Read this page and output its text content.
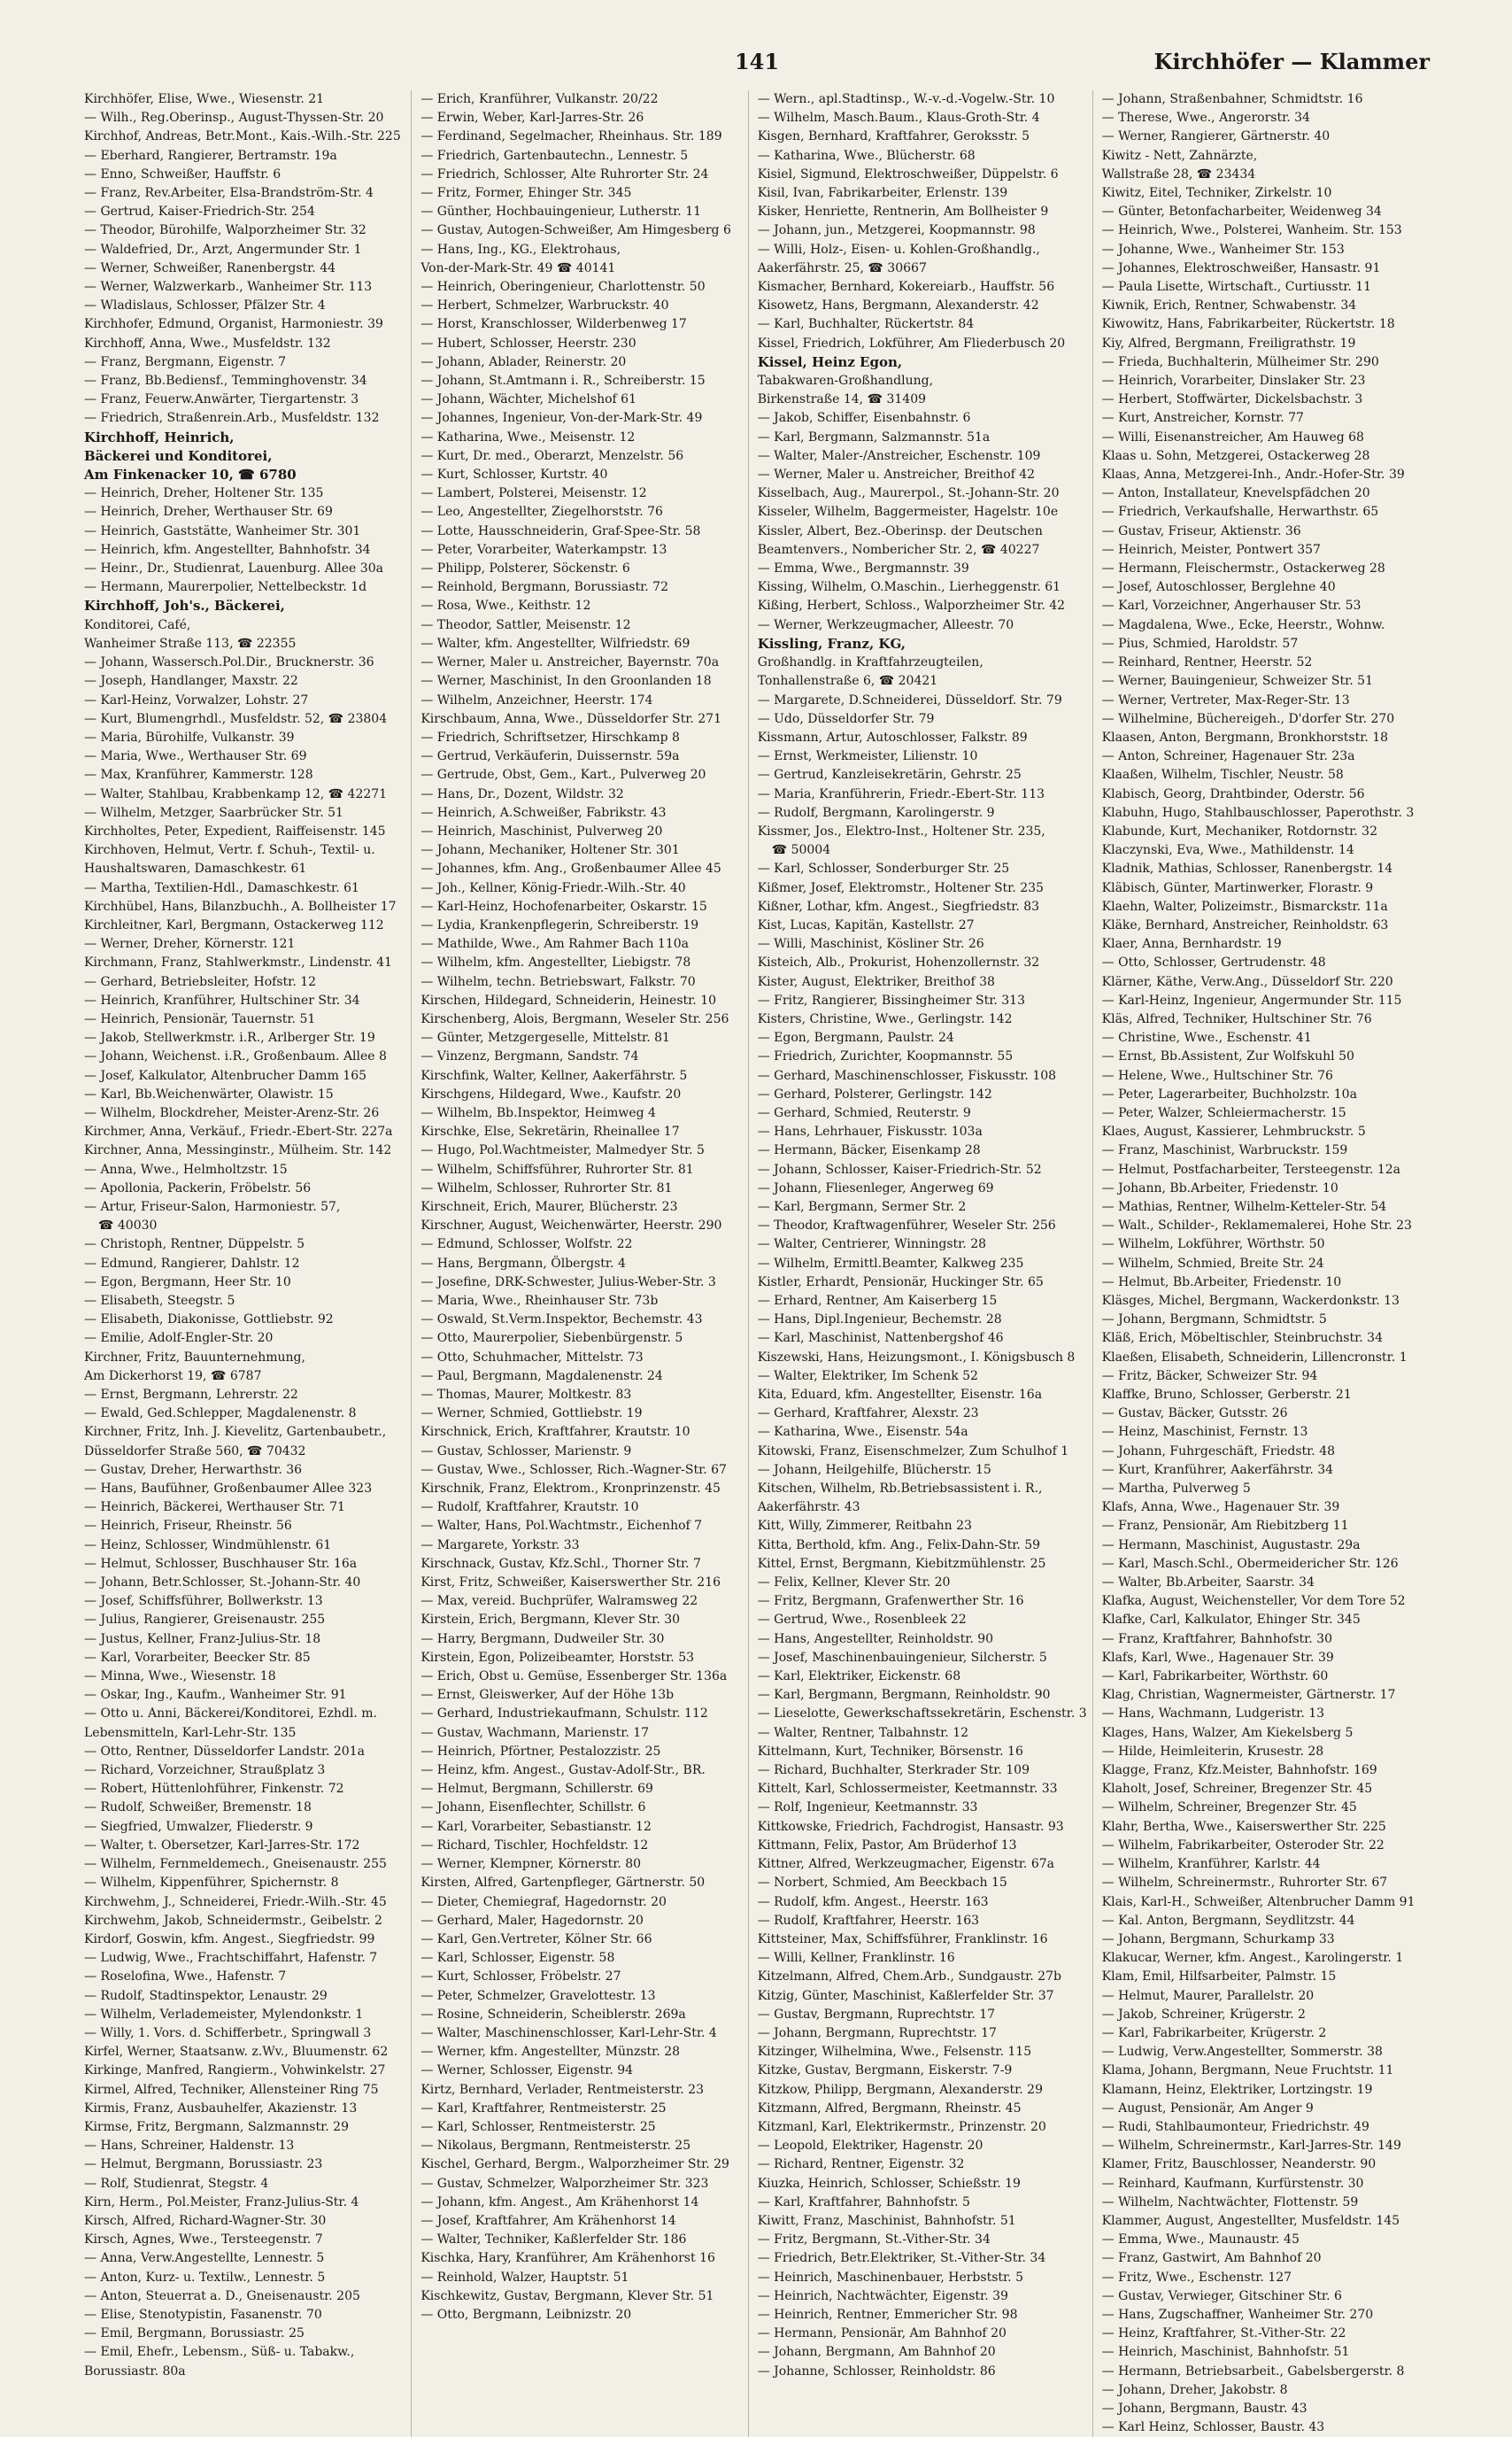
141	Kirchhöfer — Klammer
Kirchhöfer, Elise, Wwe., Wiesenstr. 21
— Wilh., Reg.Oberinsp., August-Thyssen-Str. 20
Kirchhof, Andreas, Betr.Mont., Kais.-Wilh.-Str. 225
— Eberhard, Rangierer, Bertramstr. 19a
— Enno, Schweißer, Hauffstr. 6
— Franz, Rev.Arbeiter, Elsa-Brandström-Str. 4
— Gertrud, Kaiser-Friedrich-Str. 254
— Theodor, Bürohilfe, Walporzheimer Str. 32
— Waldefried, Dr., Arzt, Angermunder Str. 1
— Werner, Schweißer, Ranenbergstr. 44
— Werner, Walzwerkarb., Wanheimer Str. 113
— Wladislaus, Schlosser, Pfälzer Str. 4
Kirchhofer, Edmund, Organist, Harmoniestr. 39
Kirchhoff, Anna, Wwe., Musfeldstr. 132
— Franz, Bergmann, Eigenstr. 7
— Franz, Bb.Bediensf., Temminghovenstr. 34
— Franz, Feuerw.Anwärter, Tiergartenstr. 3
— Friedrich, Straßenrein.Arb., Musfeldstr. 132
Kirchhoff, Heinrich,
Bäckerei und Konditorei,
Am Finkenacker 10, ☎ 6780
— Heinrich, Dreher, Holtener Str. 135
— Heinrich, Dreher, Werthauser Str. 69
— Heinrich, Gaststätte, Wanheimer Str. 301
— Heinrich, kfm. Angestellter, Bahnhofstr. 34
— Heinr., Dr., Studienrat, Lauenburg. Allee 30a
— Hermann, Maurerpolier, Nettelbeckstr. 1d
Kirchhoff, Joh's., Bäckerei,
Konditorei, Café,
Wanheimer Straße 113, ☎ 22355
— Johann, Wassersch.Pol.Dir., Brucknerstr. 36
— Joseph, Handlanger, Maxstr. 22
— Karl-Heinz, Vorwalzer, Lohstr. 27
— Kurt, Blumengrhdl., Musfeldstr. 52, ☎ 23804
— Maria, Bürohilfe, Vulkanstr. 39
— Maria, Wwe., Werthauser Str. 69
— Max, Kranführer, Kammerstr. 128
— Walter, Stahlbau, Krabbenkamp 12, ☎ 42271
— Wilhelm, Metzger, Saarbrücker Str. 51
Kirchholtes, Peter, Expedient, Raiffeisenstr. 145
Kirchhoven, Helmut, Vertr. f. Schuh-, Textil- u.
Haushaltswaren, Damaschkestr. 61
— Martha, Textilien-Hdl., Damaschkestr. 61
Kirchhübel, Hans, Bilanzbuchh., A. Bollheister 17
Kirchleitner, Karl, Bergmann, Ostackerweg 112
— Werner, Dreher, Körnerstr. 121
Kirchmann, Franz, Stahlwerkmstr., Lindenstr. 41
— Gerhard, Betriebsleiter, Hofstr. 12
— Heinrich, Kranführer, Hultschiner Str. 34
— Heinrich, Pensionär, Tauernstr. 51
— Jakob, Stellwerkmstr. i.R., Arlberger Str. 19
— Johann, Weichenst. i.R., Großenbaum. Allee 8
— Josef, Kalkulator, Altenbrucher Damm 165
— Karl, Bb.Weichenwärter, Olawistr. 15
— Wilhelm, Blockdreher, Meister-Arenz-Str. 26
Kirchmer, Anna, Verkäuf., Friedr.-Ebert-Str. 227a
Kirchner, Anna, Messinginstr., Mülheim. Str. 142
— Anna, Wwe., Helmholtzstr. 15
— Apollonia, Packerin, Fröbelstr. 56
— Artur, Friseur-Salon, Harmoniestr. 57,
☎ 40030
— Christoph, Rentner, Düppelstr. 5
— Edmund, Rangierer, Dahlstr. 12
— Egon, Bergmann, Heer Str. 10
— Elisabeth, Steegstr. 5
— Elisabeth, Diakonisse, Gottliebstr. 92
— Emilie, Adolf-Engler-Str. 20
Kirchner, Fritz, Bauunternehmung,
Am Dickerhorst 19, ☎ 6787
— Ernst, Bergmann, Lehrerstr. 22
— Ewald, Ged.Schlepper, Magdalenenstr. 8
Kirchner, Fritz, Inh. J. Kievelitz, Gartenbaubetr.,
Düsseldorfer Straße 560, ☎ 70432
— Gustav, Dreher, Herwarthstr. 36
— Hans, Baufühner, Großenbaumer Allee 323
— Heinrich, Bäckerei, Werthauser Str. 71
— Heinrich, Friseur, Rheinstr. 56
— Heinz, Schlosser, Windmühlenstr. 61
— Helmut, Schlosser, Buschhauser Str. 16a
— Johann, Betr.Schlosser, St.-Johann-Str. 40
— Josef, Schiffsführer, Bollwerkstr. 13
— Julius, Rangierer, Greisenaustr. 255
— Justus, Kellner, Franz-Julius-Str. 18
— Karl, Vorarbeiter, Beecker Str. 85
— Minna, Wwe., Wiesenstr. 18
— Oskar, Ing., Kaufm., Wanheimer Str. 91
— Otto u. Anni, Bäckerei/Konditorei, Ezhdl. m.
Lebensmitteln, Karl-Lehr-Str. 135
— Otto, Rentner, Düsseldorfer Landstr. 201a
— Richard, Vorzeichner, Straußplatz 3
— Robert, Hüttenlohführer, Finkenstr. 72
— Rudolf, Schweißer, Bremenstr. 18
— Siegfried, Umwalzer, Fliederstr. 9
— Walter, t. Obersetzer, Karl-Jarres-Str. 172
— Wilhelm, Fernmeldemech., Gneisenaustr. 255
— Wilhelm, Kippenführer, Spichernstr. 8
Kirchwehm, J., Schneiderei, Friedr.-Wilh.-Str. 45
Kirchwehm, Jakob, Schneidermstr., Geibelstr. 2
Kirdorf, Goswin, kfm. Angest., Siegfriedstr. 99
— Ludwig, Wwe., Frachtschiffahrt, Hafenstr. 7
— Roselofina, Wwe., Hafenstr. 7
— Rudolf, Stadtinspektor, Lenaustr. 29
— Wilhelm, Verlademeister, Mylendonkstr. 1
— Willy, 1. Vors. d. Schifferbetr., Springwall 3
Kirfel, Werner, Staatsanw. z.Wv., Bluumenstr. 62
Kirkinge, Manfred, Rangierm., Vohwinkelstr. 27
Kirmel, Alfred, Techniker, Allensteiner Ring 75
Kirmis, Franz, Ausbauhelfer, Akazienstr. 13
Kirmse, Fritz, Bergmann, Salzmannstr. 29
— Hans, Schreiner, Haldenstr. 13
— Helmut, Bergmann, Borussiastr. 23
— Rolf, Studienrat, Stegstr. 4
Kirn, Herm., Pol.Meister, Franz-Julius-Str. 4
Kirsch, Alfred, Richard-Wagner-Str. 30
Kirsch, Agnes, Wwe., Tersteegenstr. 7
— Anna, Verw.Angestellte, Lennestr. 5
— Anton, Kurz- u. Textilw., Lennestr. 5
— Anton, Steuerrat a. D., Gneisenaustr. 205
— Elise, Stenotypistin, Fasanenstr. 70
— Emil, Bergmann, Borussiastr. 25
— Emil, Ehefr., Lebensm., Süß- u. Tabakw.,
Borussiastr. 80a
— Erich, Kranführer, Vulkanstr. 20/22
— Erwin, Weber, Karl-Jarres-Str. 26
— Ferdinand, Segelmacher, Rheinhaus. Str. 189
— Friedrich, Gartenbautechn., Lennestr. 5
— Friedrich, Schlosser, Alte Ruhrorter Str. 24
— Fritz, Former, Ehinger Str. 345
— Günther, Hochbauingenieur, Lutherstr. 11
— Gustav, Autogen-Schweißer, Am Himgesberg 6
— Hans, Ing., KG., Elektrohaus,
Von-der-Mark-Str. 49 ☎ 40141
— Heinrich, Oberingenieur, Charlottenstr. 50
— Herbert, Schmelzer, Warbruckstr. 40
— Horst, Kranschlosser, Wilderbenweg 17
— Hubert, Schlosser, Heerstr. 230
— Johann, Ablader, Reinerstr. 20
— Johann, St.Amtmann i. R., Schreiberstr. 15
— Johann, Wächter, Michelshof 61
— Johannes, Ingenieur, Von-der-Mark-Str. 49
— Katharina, Wwe., Meisenstr. 12
— Kurt, Dr. med., Oberarzt, Menzelstr. 56
— Kurt, Schlosser, Kurtstr. 40
— Lambert, Polsterei, Meisenstr. 12
— Leo, Angestellter, Ziegelhorststr. 76
— Lotte, Hausschneiderin, Graf-Spee-Str. 58
— Peter, Vorarbeiter, Waterkampstr. 13
— Philipp, Polsterer, Söckenstr. 6
— Reinhold, Bergmann, Borussiastr. 72
— Rosa, Wwe., Keithstr. 12
— Theodor, Sattler, Meisenstr. 12
— Walter, kfm. Angestellter, Wilfriedstr. 69
— Werner, Maler u. Anstreicher, Bayernstr. 70a
— Werner, Maschinist, In den Groonlanden 18
— Wilhelm, Anzeichner, Heerstr. 174
Kirschbaum, Anna, Wwe., Düsseldorfer Str. 271
— Friedrich, Schriftsetzer, Hirschkamp 8
— Gertrud, Verkäuferin, Duissernstr. 59a
— Gertrude, Obst, Gem., Kart., Pulverweg 20
— Hans, Dr., Dozent, Wildstr. 32
— Heinrich, A.Schweißer, Fabrikstr. 43
— Heinrich, Maschinist, Pulverweg 20
— Johann, Mechaniker, Holtener Str. 301
— Johannes, kfm. Ang., Großenbaumer Allee 45
— Joh., Kellner, König-Friedr.-Wilh.-Str. 40
— Karl-Heinz, Hochofenarbeiter, Oskarstr. 15
— Lydia, Krankenpflegerin, Schreiberstr. 19
— Mathilde, Wwe., Am Rahmer Bach 110a
— Wilhelm, kfm. Angestellter, Liebigstr. 78
— Wilhelm, techn. Betriebswart, Falkstr. 70
Kirschen, Hildegard, Schneiderin, Heinestr. 10
Kirschenberg, Alois, Bergmann, Weseler Str. 256
— Günter, Metzgergeselle, Mittelstr. 81
— Vinzenz, Bergmann, Sandstr. 74
Kirschfink, Walter, Kellner, Aakerfährstr. 5
Kirschgens, Hildegard, Wwe., Kaufstr. 20
— Wilhelm, Bb.Inspektor, Heimweg 4
Kirschke, Else, Sekretärin, Rheinallee 17
— Hugo, Pol.Wachtmeister, Malmedyer Str. 5
— Wilhelm, Schiffsführer, Ruhrorter Str. 81
— Wilhelm, Schlosser, Ruhrorter Str. 81
Kirschneit, Erich, Maurer, Blücherstr. 23
Kirschner, August, Weichenwärter, Heerstr. 290
— Edmund, Schlosser, Wolfstr. 22
— Hans, Bergmann, Ölbergstr. 4
— Josefine, DRK-Schwester, Julius-Weber-Str. 3
— Maria, Wwe., Rheinhauser Str. 73b
— Oswald, St.Verm.Inspektor, Bechemstr. 43
— Otto, Maurerpolier, Siebenbürgenstr. 5
— Otto, Schuhmacher, Mittelstr. 73
— Paul, Bergmann, Magdalenenstr. 24
— Thomas, Maurer, Moltkestr. 83
— Werner, Schmied, Gottliebstr. 19
Kirschnick, Erich, Kraftfahrer, Krautstr. 10
— Gustav, Schlosser, Marienstr. 9
— Gustav, Wwe., Schlosser, Rich.-Wagner-Str. 67
Kirschnik, Franz, Elektrom., Kronprinzenstr. 45
— Rudolf, Kraftfahrer, Krautstr. 10
— Walter, Hans, Pol.Wachtmstr., Eichenhof 7
— Margarete, Yorkstr. 33
Kirschnack, Gustav, Kfz.Schl., Thorner Str. 7
Kirst, Fritz, Schweißer, Kaiserswerther Str. 216
— Max, vereid. Buchprüfer, Walramsweg 22
Kirstein, Erich, Bergmann, Klever Str. 30
— Harry, Bergmann, Dudweiler Str. 30
Kirstein, Egon, Polizeibeamter, Horststr. 53
— Erich, Obst u. Gemüse, Essenberger Str. 136a
— Ernst, Gleiswerker, Auf der Höhe 13b
— Gerhard, Industriekaufmann, Schulstr. 112
— Gustav, Wachmann, Marienstr. 17
— Heinrich, Pförtner, Pestalozzistr. 25
— Heinz, kfm. Angest., Gustav-Adolf-Str., BR.
— Helmut, Bergmann, Schillerstr. 69
— Johann, Eisenflechter, Schillstr. 6
— Karl, Vorarbeiter, Sebastianstr. 12
— Richard, Tischler, Hochfeldstr. 12
— Werner, Klempner, Körnerstr. 80
Kirsten, Alfred, Gartenpfleger, Gärtnerstr. 50
— Dieter, Chemiegraf, Hagedornstr. 20
— Gerhard, Maler, Hagedornstr. 20
— Karl, Gen.Vertreter, Kölner Str. 66
— Karl, Schlosser, Eigenstr. 58
— Kurt, Schlosser, Fröbelstr. 27
— Peter, Schmelzer, Gravelottestr. 13
— Rosine, Schneiderin, Scheiblerstr. 269a
— Walter, Maschinenschlosser, Karl-Lehr-Str. 4
— Werner, kfm. Angestellter, Münzstr. 28
— Werner, Schlosser, Eigenstr. 94
Kirtz, Bernhard, Verlader, Rentmeisterstr. 23
— Karl, Kraftfahrer, Rentmeisterstr. 25
— Karl, Schlosser, Rentmeisterstr. 25
— Nikolaus, Bergmann, Rentmeisterstr. 25
Kischel, Gerhard, Bergm., Walporzheimer Str. 29
— Gustav, Schmelzer, Walporzheimer Str. 323
— Johann, kfm. Angest., Am Krähenhorst 14
— Josef, Kraftfahrer, Am Krähenhorst 14
— Walter, Techniker, Kaßlerfelder Str. 186
Kischka, Hary, Kranführer, Am Krähenhorst 16
— Reinhold, Walzer, Hauptstr. 51
Kischkewitz, Gustav, Bergmann, Klever Str. 51
— Otto, Bergmann, Leibnizstr. 20
— Wern., apl.Stadtinsp., W.-v.-d.-Vogelw.-Str. 10
— Wilhelm, Masch.Baum., Klaus-Groth-Str. 4
Kisgen, Bernhard, Kraftfahrer, Geroksstr. 5
— Katharina, Wwe., Blücherstr. 68
Kisiel, Sigmund, Elektroschweißer, Düppelstr. 6
Kisil, Ivan, Fabrikarbeiter, Erlenstr. 139
Kisker, Henriette, Rentnerin, Am Bollheister 9
— Johann, jun., Metzgerei, Koopmannstr. 98
— Willi, Holz-, Eisen- u. Kohlen-Großhandlg.,
Aakerfährstr. 25, ☎ 30667
Kismacher, Bernhard, Kokereiarb., Hauffstr. 56
Kisowetz, Hans, Bergmann, Alexanderstr. 42
— Karl, Buchhalter, Rückertstr. 84
Kissel, Friedrich, Lokführer, Am Fliederbusch 20
Kissel, Heinz Egon,
Tabakwaren-Großhandlung,
Birkenstraße 14, ☎ 31409
— Jakob, Schiffer, Eisenbahnstr. 6
— Karl, Bergmann, Salzmannstr. 51a
— Walter, Maler-/Anstreicher, Eschenstr. 109
— Werner, Maler u. Anstreicher, Breithof 42
Kisselbach, Aug., Maurerpol., St.-Johann-Str. 20
Kisseler, Wilhelm, Baggermeister, Hagelstr. 10e
Kissler, Albert, Bez.-Oberinsp. der Deutschen
Beamtenvers., Nombericher Str. 2, ☎ 40227
— Emma, Wwe., Bergmannstr. 39
Kissing, Wilhelm, O.Maschin., Lierheggenstr. 61
Kißing, Herbert, Schloss., Walporzheimer Str. 42
— Werner, Werkzeugmacher, Alleestr. 70
Kissling, Franz, KG,
Großhandlg. in Kraftfahrzeugteilen,
Tonhallenstraße 6, ☎ 20421
— Margarete, D.Schneiderei, Düsseldorf. Str. 79
— Udo, Düsseldorfer Str. 79
Kissmann, Artur, Autoschlosser, Falkstr. 89
— Ernst, Werkmeister, Lilienstr. 10
— Gertrud, Kanzleisekretärin, Gehrstr. 25
— Maria, Kranführerin, Friedr.-Ebert-Str. 113
— Rudolf, Bergmann, Karolingerstr. 9
Kissmer, Jos., Elektro-Inst., Holtener Str. 235,
☎ 50004
— Karl, Schlosser, Sonderburger Str. 25
Kißmer, Josef, Elektromstr., Holtener Str. 235
Kißner, Lothar, kfm. Angest., Siegfriedstr. 83
Kist, Lucas, Kapitän, Kastellstr. 27
— Willi, Maschinist, Kösliner Str. 26
Kisteich, Alb., Prokurist, Hohenzollernstr. 32
Kister, August, Elektriker, Breithof 38
— Fritz, Rangierer, Bissingheimer Str. 313
Kisters, Christine, Wwe., Gerlingstr. 142
— Egon, Bergmann, Paulstr. 24
— Friedrich, Zurichter, Koopmannstr. 55
— Gerhard, Maschinenschlosser, Fiskusstr. 108
— Gerhard, Polsterer, Gerlingstr. 142
— Gerhard, Schmied, Reuterstr. 9
— Hans, Lehrhauer, Fiskusstr. 103a
— Hermann, Bäcker, Eisenkamp 28
— Johann, Schlosser, Kaiser-Friedrich-Str. 52
— Johann, Fliesenleger, Angerweg 69
— Karl, Bergmann, Sermer Str. 2
— Theodor, Kraftwagenführer, Weseler Str. 256
— Walter, Centrierer, Winningstr. 28
— Wilhelm, Ermittl.Beamter, Kalkweg 235
Kistler, Erhardt, Pensionär, Huckinger Str. 65
— Erhard, Rentner, Am Kaiserberg 15
— Hans, Dipl.Ingenieur, Bechemstr. 28
— Karl, Maschinist, Nattenbergshof 46
Kiszewski, Hans, Heizungsmont., I. Königsbusch 8
— Walter, Elektriker, Im Schenk 52
Kita, Eduard, kfm. Angestellter, Eisenstr. 16a
— Gerhard, Kraftfahrer, Alexstr. 23
— Katharina, Wwe., Eisenstr. 54a
Kitowski, Franz, Eisenschmelzer, Zum Schulhof 1
— Johann, Heilgehilfe, Blücherstr. 15
Kitschen, Wilhelm, Rb.Betriebsassistent i. R.,
Aakerfährstr. 43
Kitt, Willy, Zimmerer, Reitbahn 23
Kitta, Berthold, kfm. Ang., Felix-Dahn-Str. 59
Kittel, Ernst, Bergmann, Kiebitzmühlenstr. 25
— Felix, Kellner, Klever Str. 20
— Fritz, Bergmann, Grafenwerther Str. 16
— Gertrud, Wwe., Rosenbleek 22
— Hans, Angestellter, Reinholdstr. 90
— Josef, Maschinenbauingenieur, Silcherstr. 5
— Karl, Elektriker, Eickenstr. 68
— Karl, Bergmann, Bergmann, Reinholdstr. 90
— Lieselotte, Gewerkschaftssekretärin, Eschenstr. 3
— Walter, Rentner, Talbahnstr. 12
Kittelmann, Kurt, Techniker, Börsenstr. 16
— Richard, Buchhalter, Sterkrader Str. 109
Kittelt, Karl, Schlossermeister, Keetmannstr. 33
— Rolf, Ingenieur, Keetmannstr. 33
Kittkowske, Friedrich, Fachdrogist, Hansastr. 93
Kittmann, Felix, Pastor, Am Brüderhof 13
Kittner, Alfred, Werkzeugmacher, Eigenstr. 67a
— Norbert, Schmied, Am Beeckbach 15
— Rudolf, kfm. Angest., Heerstr. 163
— Rudolf, Kraftfahrer, Heerstr. 163
Kittsteiner, Max, Schiffsführer, Franklinstr. 16
— Willi, Kellner, Franklinstr. 16
Kitzelmann, Alfred, Chem.Arb., Sundgaustr. 27b
Kitzig, Günter, Maschinist, Kaßlerfelder Str. 37
— Gustav, Bergmann, Ruprechtstr. 17
— Johann, Bergmann, Ruprechtstr. 17
Kitzinger, Wilhelmina, Wwe., Felsenstr. 115
Kitzke, Gustav, Bergmann, Eiskerstr. 7-9
Kitzkow, Philipp, Bergmann, Alexanderstr. 29
Kitzmann, Alfred, Bergmann, Rheinstr. 45
Kitzmanl, Karl, Elektrikermstr., Prinzenstr. 20
— Leopold, Elektriker, Hagenstr. 20
— Richard, Rentner, Eigenstr. 32
Kiuzka, Heinrich, Schlosser, Schießstr. 19
— Karl, Kraftfahrer, Bahnhofstr. 5
Kiwitt, Franz, Maschinist, Bahnhofstr. 51
— Fritz, Bergmann, St.-Vither-Str. 34
— Friedrich, Betr.Elektriker, St.-Vither-Str. 34
— Heinrich, Maschinenbauer, Herbststr. 5
— Heinrich, Nachtwächter, Eigenstr. 39
— Heinrich, Rentner, Emmericher Str. 98
— Hermann, Pensionär, Am Bahnhof 20
— Johann, Bergmann, Am Bahnhof 20
— Johanne, Schlosser, Reinholdstr. 86
— Johann, Straßenbahner, Schmidtstr. 16
— Therese, Wwe., Angerorstr. 34
— Werner, Rangierer, Gärtnerstr. 40
Kiwitz - Nett, Zahnärzte,
Wallstraße 28, ☎ 23434
Kiwitz, Eitel, Techniker, Zirkelstr. 10
— Günter, Betonfacharbeiter, Weidenweg 34
— Heinrich, Wwe., Polsterei, Wanheim. Str. 153
— Johanne, Wwe., Wanheimer Str. 153
— Johannes, Elektroschweißer, Hansastr. 91
— Paula Lisette, Wirtschaft., Curtiusstr. 11
Kiwnik, Erich, Rentner, Schwabenstr. 34
Kiwowitz, Hans, Fabrikarbeiter, Rückertstr. 18
Kiy, Alfred, Bergmann, Freiligrathstr. 19
— Frieda, Buchhalterin, Mülheimer Str. 290
— Heinrich, Vorarbeiter, Dinslaker Str. 23
— Herbert, Stoffwärter, Dickelsbachstr. 3
— Kurt, Anstreicher, Kornstr. 77
— Willi, Eisenanstreicher, Am Hauweg 68
Klaas u. Sohn, Metzgerei, Ostackerweg 28
Klaas, Anna, Metzgerei-Inh., Andr.-Hofer-Str. 39
— Anton, Installateur, Knevelspfädchen 20
— Friedrich, Verkaufshalle, Herwarthstr. 65
— Gustav, Friseur, Aktienstr. 36
— Heinrich, Meister, Pontwert 357
— Hermann, Fleischermstr., Ostackerweg 28
— Josef, Autoschlosser, Berglehne 40
— Karl, Vorzeichner, Angerhauser Str. 53
— Magdalena, Wwe., Ecke, Heerstr., Wohnw.
— Pius, Schmied, Haroldstr. 57
— Reinhard, Rentner, Heerstr. 52
— Werner, Bauingenieur, Schweizer Str. 51
— Werner, Vertreter, Max-Reger-Str. 13
— Wilhelmine, Büchereigeh., D'dorfer Str. 270
Klaasen, Anton, Bergmann, Bronkhorststr. 18
— Anton, Schreiner, Hagenauer Str. 23a
Klaaßen, Wilhelm, Tischler, Neustr. 58
Klabisch, Georg, Drahtbinder, Oderstr. 56
Klabuhn, Hugo, Stahlbauschlosser, Paperothstr. 3
Klabunde, Kurt, Mechaniker, Rotdornstr. 32
Klaczynski, Eva, Wwe., Mathildenstr. 14
Kladnik, Mathias, Schlosser, Ranenbergstr. 14
Kläbisch, Günter, Martinwerker, Florastr. 9
Klaehn, Walter, Polizeimstr., Bismarckstr. 11a
Kläke, Bernhard, Anstreicher, Reinholdstr. 63
Klaer, Anna, Bernhardstr. 19
— Otto, Schlosser, Gertrudenstr. 48
Klärner, Käthe, Verw.Ang., Düsseldorf Str. 220
— Karl-Heinz, Ingenieur, Angermunder Str. 115
Kläs, Alfred, Techniker, Hultschiner Str. 76
— Christine, Wwe., Eschenstr. 41
— Ernst, Bb.Assistent, Zur Wolfskuhl 50
— Helene, Wwe., Hultschiner Str. 76
— Peter, Lagerarbeiter, Buchholzstr. 10a
— Peter, Walzer, Schleiermacherstr. 15
Klaes, August, Kassierer, Lehmbruckstr. 5
— Franz, Maschinist, Warbruckstr. 159
— Helmut, Postfacharbeiter, Tersteegenstr. 12a
— Johann, Bb.Arbeiter, Friedenstr. 10
— Mathias, Rentner, Wilhelm-Ketteler-Str. 54
— Walt., Schilder-, Reklamemalerei, Hohe Str. 23
— Wilhelm, Lokführer, Wörthstr. 50
— Wilhelm, Schmied, Breite Str. 24
— Helmut, Bb.Arbeiter, Friedenstr. 10
Kläsges, Michel, Bergmann, Wackerdonkstr. 13
— Johann, Bergmann, Schmidtstr. 5
Kläß, Erich, Möbeltischler, Steinbruchstr. 34
Klaeßen, Elisabeth, Schneiderin, Lillencronstr. 1
— Fritz, Bäcker, Schweizer Str. 94
Klaffke, Bruno, Schlosser, Gerberstr. 21
— Gustav, Bäcker, Gutsstr. 26
— Heinz, Maschinist, Fernstr. 13
— Johann, Fuhrgeschäft, Friedstr. 48
— Kurt, Kranführer, Aakerfährstr. 34
— Martha, Pulverweg 5
Klafs, Anna, Wwe., Hagenauer Str. 39
— Franz, Pensionär, Am Riebitzberg 11
— Hermann, Maschinist, Augustastr. 29a
— Karl, Masch.Schl., Obermeidericher Str. 126
— Walter, Bb.Arbeiter, Saarstr. 34
Klafka, August, Weichensteller, Vor dem Tore 52
Klafke, Carl, Kalkulator, Ehinger Str. 345
— Franz, Kraftfahrer, Bahnhofstr. 30
Klafs, Karl, Wwe., Hagenauer Str. 39
— Karl, Fabrikarbeiter, Wörthstr. 60
Klag, Christian, Wagnermeister, Gärtnerstr. 17
— Hans, Wachmann, Ludgeristr. 13
Klages, Hans, Walzer, Am Kiekelsberg 5
— Hilde, Heimleiterin, Krusestr. 28
Klagge, Franz, Kfz.Meister, Bahnhofstr. 169
Klaholt, Josef, Schreiner, Bregenzer Str. 45
— Wilhelm, Schreiner, Bregenzer Str. 45
Klahr, Bertha, Wwe., Kaiserswerther Str. 225
— Wilhelm, Fabrikarbeiter, Osteroder Str. 22
— Wilhelm, Kranführer, Karlstr. 44
— Wilhelm, Schreinermstr., Ruhrorter Str. 67
Klais, Karl-H., Schweißer, Altenbrucher Damm 91
— Kal. Anton, Bergmann, Seydlitzstr. 44
— Johann, Bergmann, Schurkamp 33
Klakucar, Werner, kfm. Angest., Karolingerstr. 1
Klam, Emil, Hilfsarbeiter, Palmstr. 15
— Helmut, Maurer, Parallelstr. 20
— Jakob, Schreiner, Krügerstr. 2
— Karl, Fabrikarbeiter, Krügerstr. 2
— Ludwig, Verw.Angestellter, Sommerstr. 38
Klama, Johann, Bergmann, Neue Fruchtstr. 11
Klamann, Heinz, Elektriker, Lortzingstr. 19
— August, Pensionär, Am Anger 9
— Rudi, Stahlbaumonteur, Friedrichstr. 49
— Wilhelm, Schreinermstr., Karl-Jarres-Str. 149
Klamer, Fritz, Bauschlosser, Neanderstr. 90
— Reinhard, Kaufmann, Kurfürstenstr. 30
— Wilhelm, Nachtwächter, Flottenstr. 59
Klammer, August, Angestellter, Musfeldstr. 145
— Emma, Wwe., Maunaustr. 45
— Franz, Gastwirt, Am Bahnhof 20
— Fritz, Wwe., Eschenstr. 127
— Gustav, Verwieger, Gitschiner Str. 6
— Hans, Zugschaffner, Wanheimer Str. 270
— Heinz, Kraftfahrer, St.-Vither-Str. 22
— Heinrich, Maschinist, Bahnhofstr. 51
— Hermann, Betriebsarbeit., Gabelsbergerstr. 8
— Johann, Dreher, Jakobstr. 8
— Johann, Bergmann, Baustr. 43
— Karl Heinz, Schlosser, Baustr. 43
